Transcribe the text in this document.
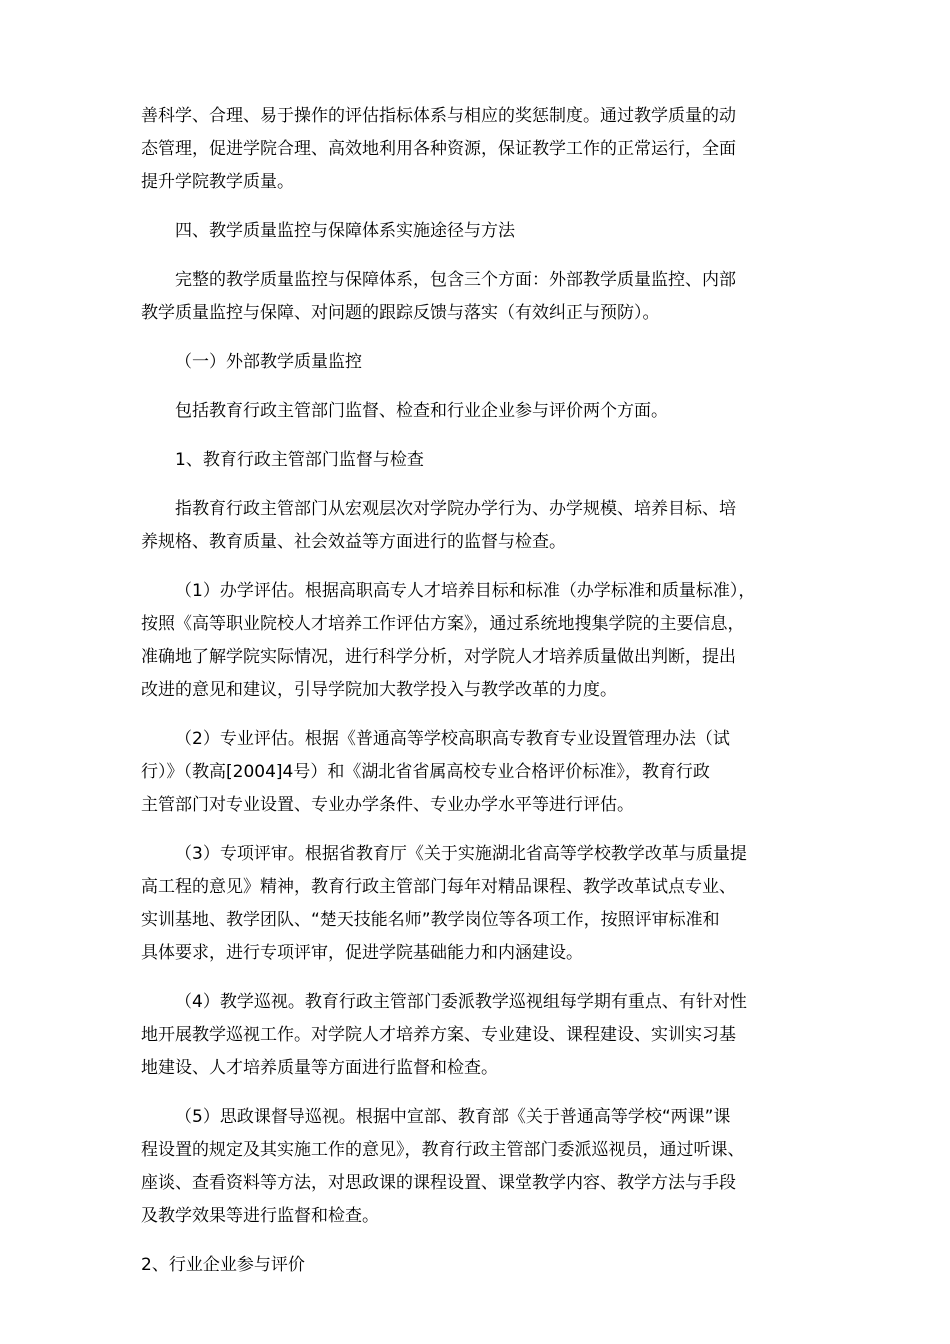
善科学、合理、易于操作的评估指标体系与相应的奖惩制度。通过教学质量的动
态管理，促进学院合理、高效地利用各种资源，保证教学工作的正常运行，全面
提升学院教学质量。
四、教学质量监控与保障体系实施途径与方法
完整的教学质量监控与保障体系，包含三个方面：外部教学质量监控、内部
教学质量监控与保障、对问题的跟踪反馈与落实（有效纠正与预防）。
（一）外部教学质量监控
包括教育行政主管部门监督、检查和行业企业参与评价两个方面。
1、教育行政主管部门监督与检查
指教育行政主管部门从宏观层次对学院办学行为、办学规模、培养目标、培
养规格、教育质量、社会效益等方面进行的监督与检查。
（1）办学评估。根据高职高专人才培养目标和标准（办学标准和质量标准），
按照《高等职业院校人才培养工作评估方案》，通过系统地搜集学院的主要信息，
准确地了解学院实际情况，进行科学分析，对学院人才培养质量做出判断，提出
改进的意见和建议，引导学院加大教学投入与教学改革的力度。
（2）专业评估。根据《普通高等学校高职高专教育专业设置管理办法（试
行）》（教高[2004]4号）和《湖北省省属高校专业合格评价标准》，教育行政
主管部门对专业设置、专业办学条件、专业办学水平等进行评估。
（3）专项评审。根据省教育厅《关于实施湖北省高等学校教学改革与质量提
高工程的意见》精神，教育行政主管部门每年对精品课程、教学改革试点专业、
实训基地、教学团队、“楚天技能名师”教学岗位等各项工作，按照评审标准和
具体要求，进行专项评审，促进学院基础能力和内涵建设。
（4）教学巡视。教育行政主管部门委派教学巡视组每学期有重点、有针对性
地开展教学巡视工作。对学院人才培养方案、专业建设、课程建设、实训实习基
地建设、人才培养质量等方面进行监督和检查。
（5）思政课督导巡视。根据中宣部、教育部《关于普通高等学校“两课”课
程设置的规定及其实施工作的意见》，教育行政主管部门委派巡视员，通过听课、
座谈、查看资料等方法，对思政课的课程设置、课堂教学内容、教学方法与手段
及教学效果等进行监督和检查。
2、行业企业参与评价
